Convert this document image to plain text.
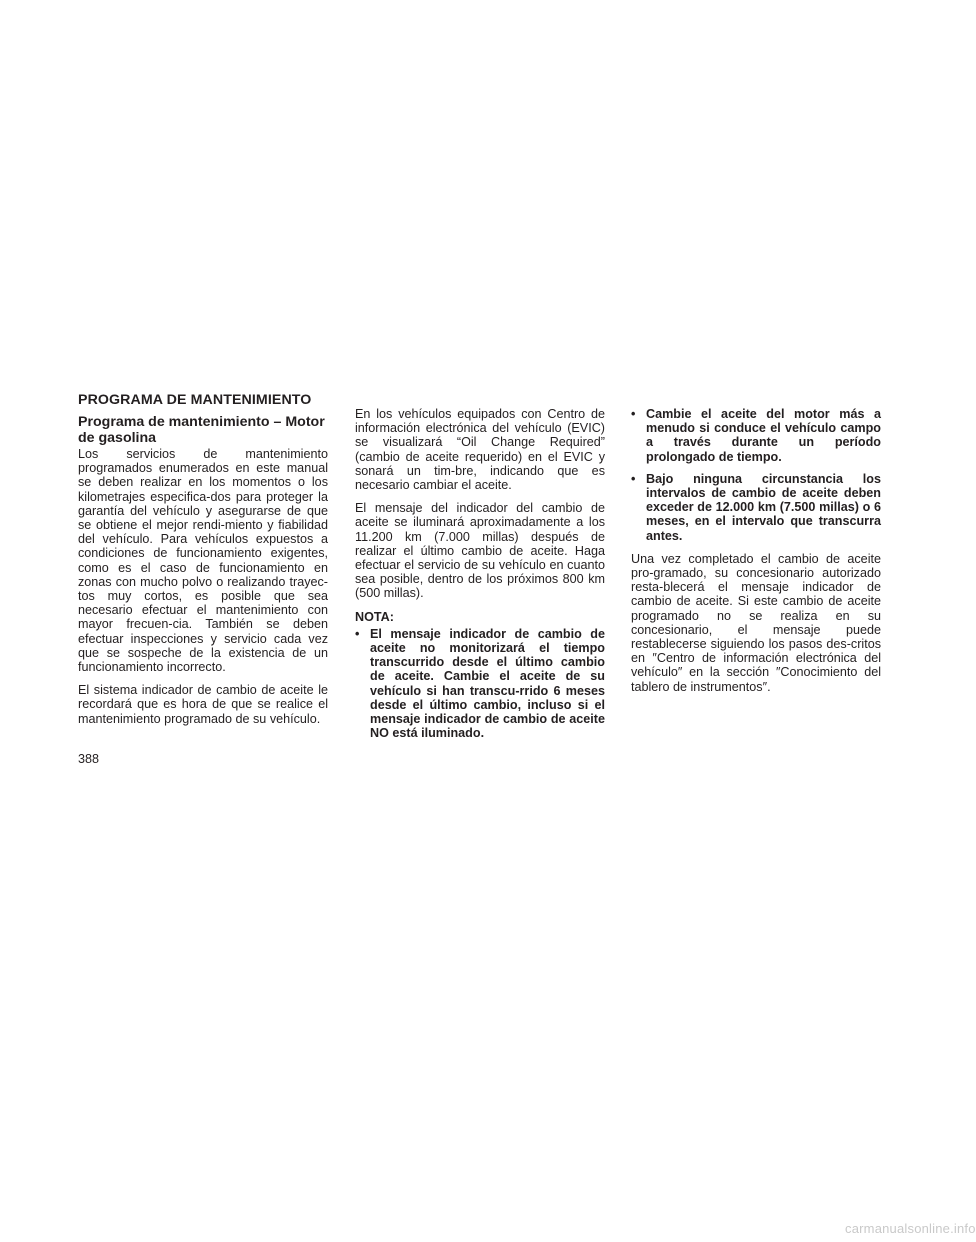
PROGRAMA DE MANTENIMIENTO
Programa de mantenimiento – Motor de gasolina

Los servicios de mantenimiento programados enumerados en este manual se deben realizar en los momentos o los kilometrajes especifica-dos para proteger la garantía del vehículo y asegurarse de que se obtiene el mejor rendi-miento y fiabilidad del vehículo. Para vehículos expuestos a condiciones de funcionamiento exigentes, como es el caso de funcionamiento en zonas con mucho polvo o realizando trayec-tos muy cortos, es posible que sea necesario efectuar el mantenimiento con mayor frecuen-cia. También se deben efectuar inspecciones y servicio cada vez que se sospeche de la existencia de un funcionamiento incorrecto.

El sistema indicador de cambio de aceite le recordará que es hora de que se realice el mantenimiento programado de su vehículo.

En los vehículos equipados con Centro de información electrónica del vehículo (EVIC) se visualizará “Oil Change Required” (cambio de aceite requerido) en el EVIC y sonará un tim-bre, indicando que es necesario cambiar el aceite.

El mensaje del indicador del cambio de aceite se iluminará aproximadamente a los 11.200 km (7.000 millas) después de realizar el último cambio de aceite. Haga efectuar el servicio de su vehículo en cuanto sea posible, dentro de los próximos 800 km (500 millas).

NOTA:
• El mensaje indicador de cambio de aceite no monitorizará el tiempo transcurrido desde el último cambio de aceite. Cambie el aceite de su vehículo si han transcu-rrido 6 meses desde el último cambio, incluso si el mensaje indicador de cambio de aceite NO está iluminado.
• Cambie el aceite del motor más a menudo si conduce el vehículo campo a través durante un período prolongado de tiempo.
• Bajo ninguna circunstancia los intervalos de cambio de aceite deben exceder de 12.000 km (7.500 millas) o 6 meses, en el intervalo que transcurra antes.

Una vez completado el cambio de aceite pro-gramado, su concesionario autorizado resta-blecerá el mensaje indicador de cambio de aceite. Si este cambio de aceite programado no se realiza en su concesionario, el mensaje puede restablecerse siguiendo los pasos des-critos en ″Centro de información electrónica del vehículo″ en la sección ″Conocimiento del tablero de instrumentos″.

388
carmanualsonline.info
